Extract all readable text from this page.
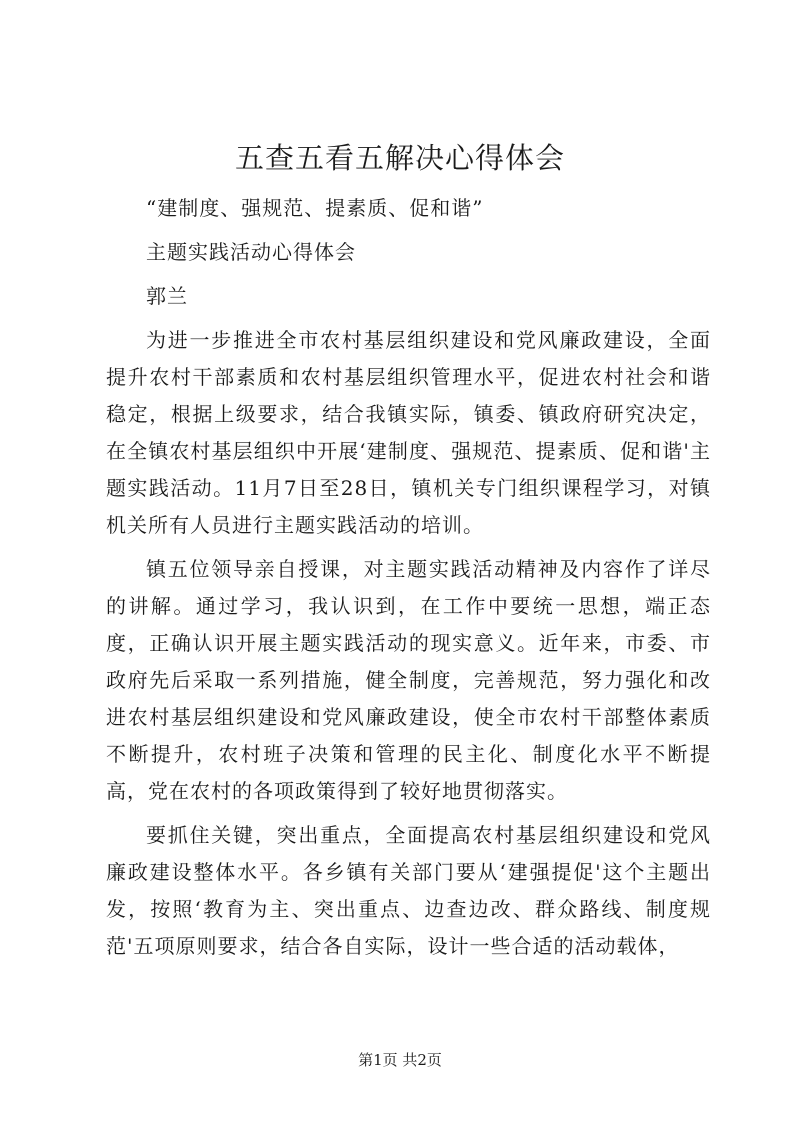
五查五看五解决心得体会

“建制度、强规范、提素质、促和谐”

主题实践活动心得体会

郭兰

为进一步推进全市农村基层组织建设和党风廉政建设，全面提升农村干部素质和农村基层组织管理水平，促进农村社会和谐稳定，根据上级要求，结合我镇实际，镇委、镇政府研究决定，在全镇农村基层组织中开展‘建制度、强规范、提素质、促和谐'主题实践活动。11月7日至28日，镇机关专门组织课程学习，对镇机关所有人员进行主题实践活动的培训。

镇五位领导亲自授课，对主题实践活动精神及内容作了详尽的讲解。通过学习，我认识到，在工作中要统一思想，端正态度，正确认识开展主题实践活动的现实意义。近年来，市委、市政府先后采取一系列措施，健全制度，完善规范，努力强化和改进农村基层组织建设和党风廉政建设，使全市农村干部整体素质不断提升，农村班子决策和管理的民主化、制度化水平不断提高，党在农村的各项政策得到了较好地贯彻落实。

要抓住关键，突出重点，全面提高农村基层组织建设和党风廉政建设整体水平。各乡镇有关部门要从‘建强提促'这个主题出发，按照‘教育为主、突出重点、边查边改、群众路线、制度规范'五项原则要求，结合各自实际，设计一些合适的活动载体，

第1页 共2页
